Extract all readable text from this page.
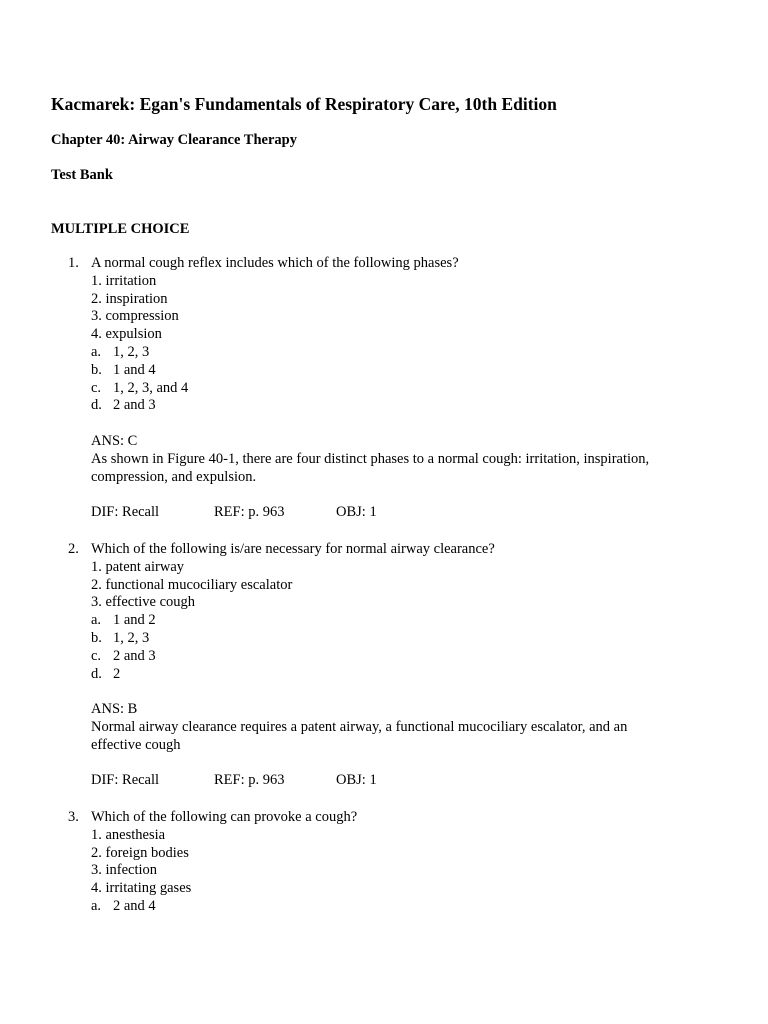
Kacmarek: Egan's Fundamentals of Respiratory Care, 10th Edition
Chapter 40: Airway Clearance Therapy
Test Bank
MULTIPLE CHOICE
1. A normal cough reflex includes which of the following phases?
1. irritation
2. inspiration
3. compression
4. expulsion
a. 1, 2, 3
b. 1 and 4
c. 1, 2, 3, and 4
d. 2 and 3
ANS: C
As shown in Figure 40-1, there are four distinct phases to a normal cough: irritation, inspiration, compression, and expulsion.
DIF: Recall	REF: p. 963	OBJ: 1
2. Which of the following is/are necessary for normal airway clearance?
1. patent airway
2. functional mucociliary escalator
3. effective cough
a. 1 and 2
b. 1, 2, 3
c. 2 and 3
d. 2
ANS: B
Normal airway clearance requires a patent airway, a functional mucociliary escalator, and an effective cough
DIF: Recall	REF: p. 963	OBJ: 1
3. Which of the following can provoke a cough?
1. anesthesia
2. foreign bodies
3. infection
4. irritating gases
a. 2 and 4
